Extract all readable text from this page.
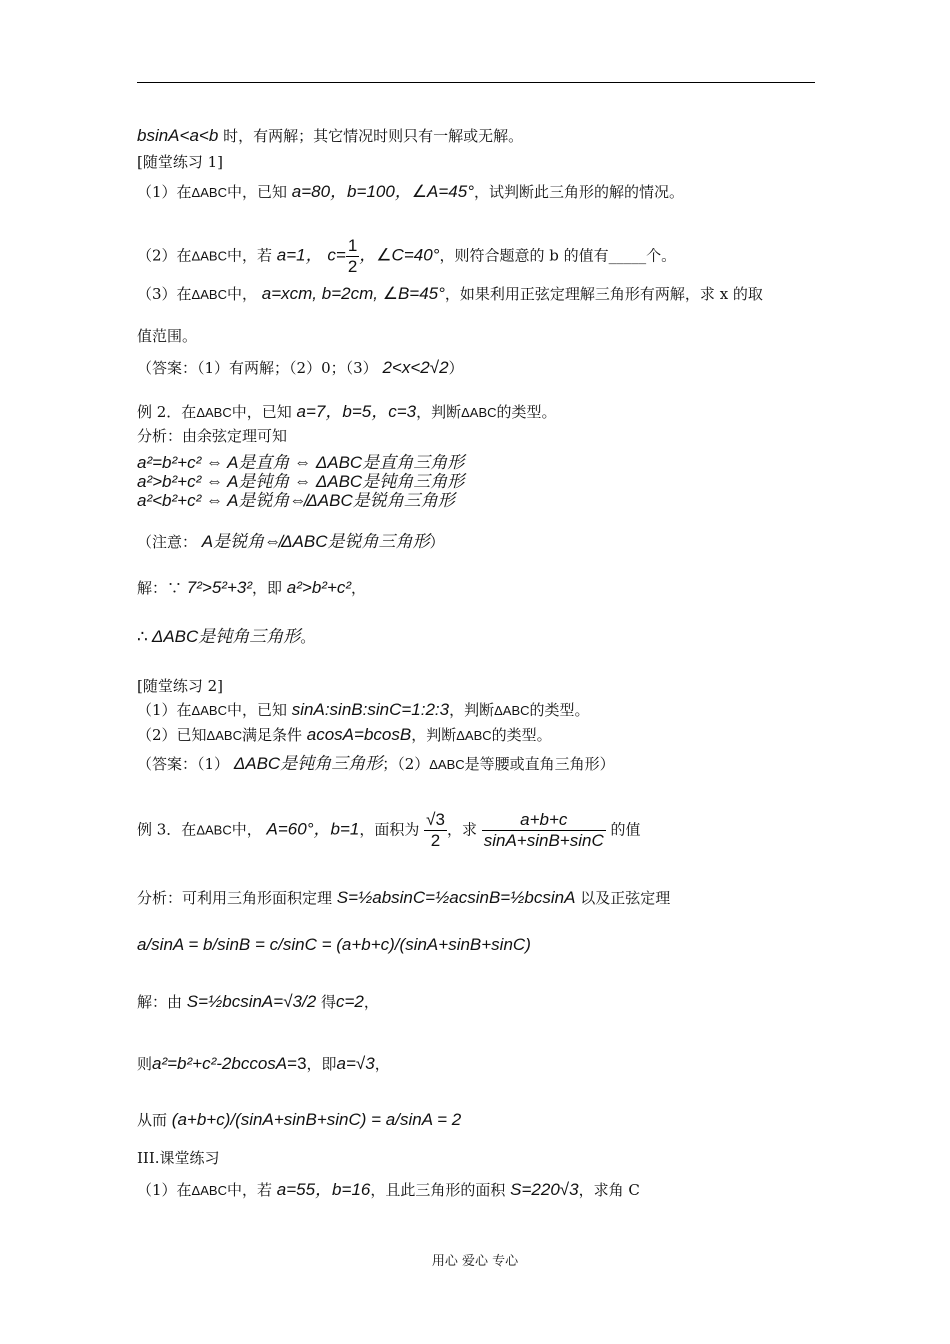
bsinA<a<b 时，有两解；其它情况时则只有一解或无解。
[随堂练习 1]
（1）在ΔABC中，已知 a=80，b=100，∠A=45°，试判断此三角形的解的情况。
（2）在ΔABC中，若 a=1， $c= \frac{1}{2}$ ，∠C=40°，则符合题意的 b 的值有_____个。
（3）在ΔABC中， a=xcm, b=2cm, ∠B=45°，如果利用正弦定理解三角形有两解，求 x 的取
值范围。
（答案：（1）有两解；（2）0；（3） 2<x<2√2）
例 2．在ΔABC中，已知 a=7，b=5，c=3，判断ΔABC的类型。
分析：由余弦定理可知
a²=b²+c² ⇔ A是直角 ⇔ ΔABC是直角三角形
a²>b²+c² ⇔ A是钝角 ⇔ ΔABC是钝角三角形
a²<b²+c² ⇔ A是锐角⇎ΔABC是锐角三角形
（注意： A是锐角⇎ΔABC是锐角三角形）
解：∵ 7²>5²+3²，即 a²>b²+c²，
∴ ΔABC是钝角三角形。
[随堂练习 2]
（1）在ΔABC中，已知 sinA:sinB:sinC=1:2:3，判断ΔABC的类型。
（2）已知ΔABC满足条件 acosA=bcosB，判断ΔABC的类型。
（答案：（1） ΔABC是钝角三角形；（2）ΔABC是等腰或直角三角形）
例 3．在ΔABC中， A=60°，b=1，面积为 $\frac{√3}{2}$ ，求 $\frac{a+b+c}{\sin A+\sin B+\sin C}$ 的值
分析：可利用三角形面积定理 S=½absinC=½acsinB=½bcsinA 以及正弦定理
a/sinA = b/sinB = c/sinC = (a+b+c)/(sinA+sinB+sinC)
解：由 S=½bcsinA=√3/2 得c=2，
则a²=b²+c²-2bccosA=3，即a=√3，
从而 (a+b+c)/(sinA+sinB+sinC) = a/sinA = 2
III.课堂练习
（1）在ΔABC中，若 a=55，b=16，且此三角形的面积 S=220√3，求角 C
用心 爱心 专心
